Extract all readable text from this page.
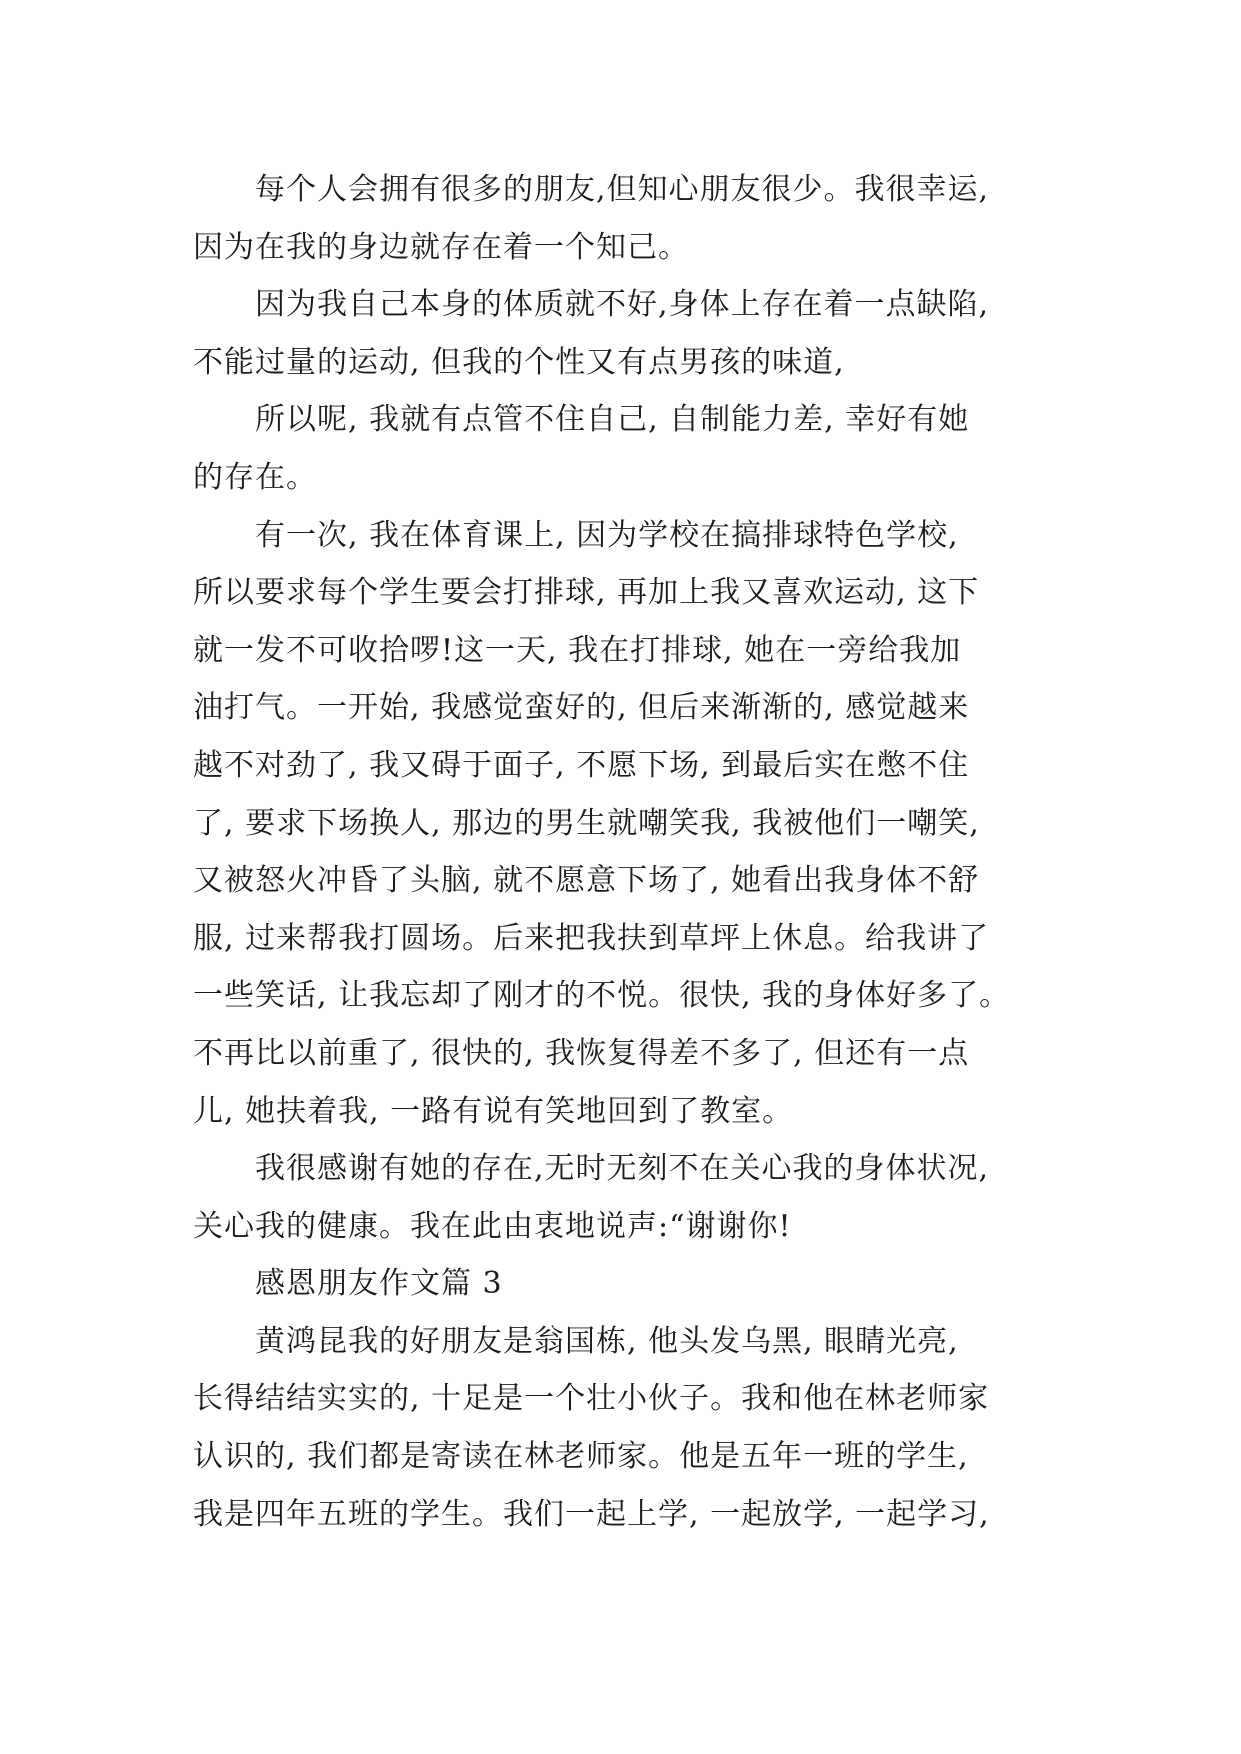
每个人会拥有很多的朋友,但知心朋友很少。我很幸运,
因为在我的身边就存在着一个知己。
因为我自己本身的体质就不好,身体上存在着一点缺陷,
不能过量的运动, 但我的个性又有点男孩的味道,
所以呢, 我就有点管不住自己, 自制能力差, 幸好有她
的存在。
有一次, 我在体育课上, 因为学校在搞排球特色学校,
所以要求每个学生要会打排球, 再加上我又喜欢运动, 这下
就一发不可收拾啰!这一天, 我在打排球, 她在一旁给我加
油打气。一开始, 我感觉蛮好的, 但后来渐渐的, 感觉越来
越不对劲了, 我又碍于面子, 不愿下场, 到最后实在憋不住
了, 要求下场换人, 那边的男生就嘲笑我, 我被他们一嘲笑,
又被怒火冲昏了头脑, 就不愿意下场了, 她看出我身体不舒
服, 过来帮我打圆场。后来把我扶到草坪上休息。给我讲了
一些笑话, 让我忘却了刚才的不悦。很快, 我的身体好多了。
不再比以前重了, 很快的, 我恢复得差不多了, 但还有一点
儿, 她扶着我, 一路有说有笑地回到了教室。
我很感谢有她的存在,无时无刻不在关心我的身体状况,
关心我的健康。我在此由衷地说声:“谢谢你!
感恩朋友作文篇 3
黄鸿昆我的好朋友是翁国栋, 他头发乌黑, 眼睛光亮,
长得结结实实的, 十足是一个壮小伙子。我和他在林老师家
认识的, 我们都是寄读在林老师家。他是五年一班的学生,
我是四年五班的学生。我们一起上学, 一起放学, 一起学习,
